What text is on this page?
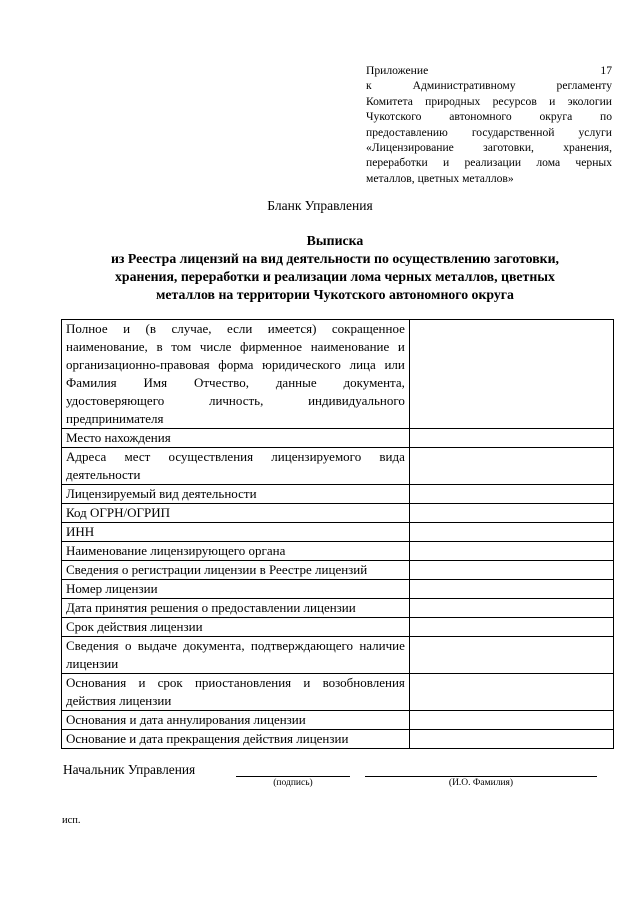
Приложение 17
к Административному регламенту
Комитета природных ресурсов и экологии
Чукотского автономного округа по
предоставлению государственной услуги
«Лицензирование заготовки, хранения,
переработки и реализации лома черных
металлов, цветных металлов»
Бланк Управления
Выписка
из Реестра лицензий на вид деятельности по осуществлению заготовки,
хранения, переработки и реализации лома черных металлов, цветных
металлов на территории Чукотского автономного округа
Полное и (в случае, если имеется) сокращенное наименование, в том числе фирменное наименование и организационно-правовая форма юридического лица или Фамилия Имя Отчество, данные документа, удостоверяющего личность, индивидуального предпринимателя	
Место нахождения	
Адреса мест осуществления лицензируемого вида деятельности	
Лицензируемый вид деятельности	
Код ОГРН/ОГРИП	
ИНН	
Наименование лицензирующего органа	
Сведения о регистрации лицензии в Реестре лицензий	
Номер лицензии	
Дата принятия решения о предоставлении лицензии	
Срок действия лицензии	
Сведения о выдаче документа, подтверждающего наличие лицензии	
Основания и срок приостановления и возобновления действия лицензии	
Основания и дата аннулирования лицензии	
Основание и дата прекращения действия лицензии	
Начальник Управления
(подпись)	(И.О. Фамилия)
исп.
